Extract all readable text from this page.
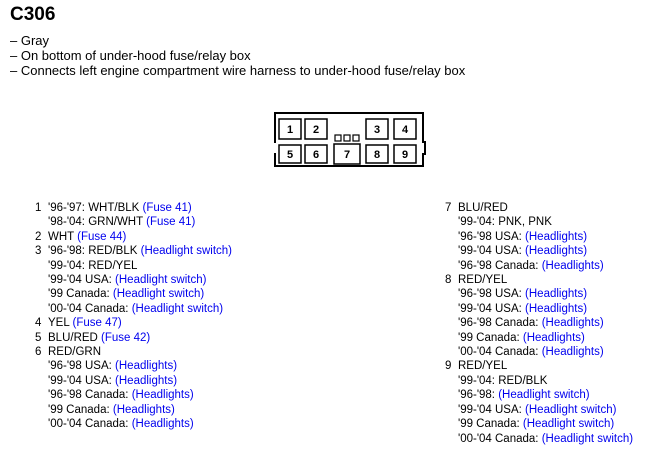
C306
– Gray
– On bottom of under-hood fuse/relay box
– Connects left engine compartment wire harness to under-hood fuse/relay box
1 2	3 4
5 6 7 8 9
1 '96-'97: WHT/BLK (Fuse 41)
'98-'04: GRN/WHT (Fuse 41)
2 WHT (Fuse 44)
3 '96-'98: RED/BLK (Headlight switch)
'99-'04: RED/YEL
'99-'04 USA: (Headlight switch)
'99 Canada: (Headlight switch)
'00-'04 Canada: (Headlight switch)
4 YEL (Fuse 47)
5 BLU/RED (Fuse 42)
6 RED/GRN
'96-'98 USA: (Headlights)
'99-'04 USA: (Headlights)
'96-'98 Canada: (Headlights)
'99 Canada: (Headlights)
'00-'04 Canada: (Headlights)
7 BLU/RED
'99-'04: PNK, PNK
'96-'98 USA: (Headlights)
'99-'04 USA: (Headlights)
'96-'98 Canada: (Headlights)
8 RED/YEL
'96-'98 USA: (Headlights)
'99-'04 USA: (Headlights)
'96-'98 Canada: (Headlights)
'99 Canada: (Headlights)
'00-'04 Canada: (Headlights)
9 RED/YEL
'99-'04: RED/BLK
'96-'98: (Headlight switch)
'99-'04 USA: (Headlight switch)
'99 Canada: (Headlight switch)
'00-'04 Canada: (Headlight switch)
